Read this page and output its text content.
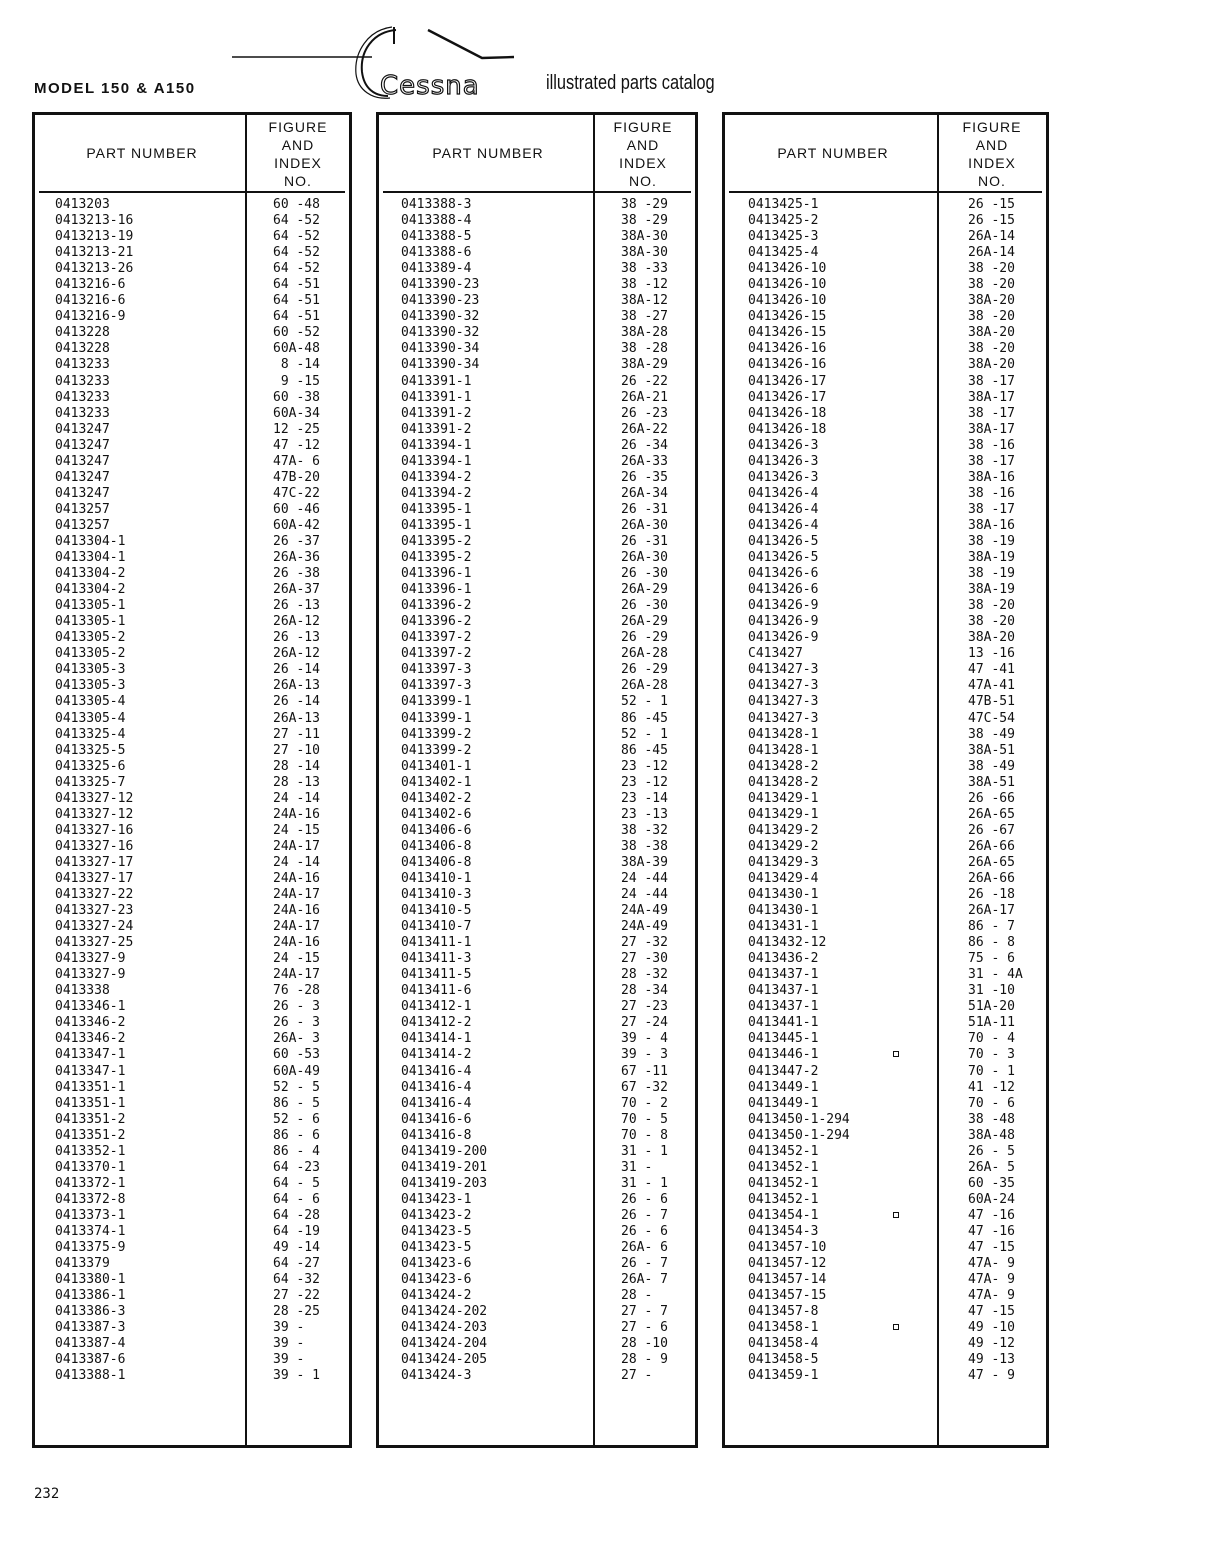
MODEL 150 & A150	Cessna	illustrated parts catalog
PART NUMBER
FIGURE
AND
INDEX
NO.
0413203	60 -48
0413213-16	64 -52
0413213-19	64 -52
0413213-21	64 -52
0413213-26	64 -52
0413216-6	64 -51
0413216-6	64 -51
0413216-9	64 -51
0413228	60 -52
0413228	60A-48
0413233	8 -14
0413233	9 -15
0413233	60 -38
0413233	60A-34
0413247	12 -25
0413247	47 -12
0413247	47A- 6
0413247	47B-20
0413247	47C-22
0413257	60 -46
0413257	60A-42
0413304-1	26 -37
0413304-1	26A-36
0413304-2	26 -38
0413304-2	26A-37
0413305-1	26 -13
0413305-1	26A-12
0413305-2	26 -13
0413305-2	26A-12
0413305-3	26 -14
0413305-3	26A-13
0413305-4	26 -14
0413305-4	26A-13
0413325-4	27 -11
0413325-5	27 -10
0413325-6	28 -14
0413325-7	28 -13
0413327-12	24 -14
0413327-12	24A-16
0413327-16	24 -15
0413327-16	24A-17
0413327-17	24 -14
0413327-17	24A-16
0413327-22	24A-17
0413327-23	24A-16
0413327-24	24A-17
0413327-25	24A-16
0413327-9	24 -15
0413327-9	24A-17
0413338	76 -28
0413346-1	26 - 3
0413346-2	26 - 3
0413346-2	26A- 3
0413347-1	60 -53
0413347-1	60A-49
0413351-1	52 - 5
0413351-1	86 - 5
0413351-2	52 - 6
0413351-2	86 - 6
0413352-1	86 - 4
0413370-1	64 -23
0413372-1	64 - 5
0413372-8	64 - 6
0413373-1	64 -28
0413374-1	64 -19
0413375-9	49 -14
0413379	64 -27
0413380-1	64 -32
0413386-1	27 -22
0413386-3	28 -25
0413387-3	39 -
0413387-4	39 -
0413387-6	39 -
0413388-1	39 - 1
PART NUMBER
FIGURE
AND
INDEX
NO.
0413388-3	38 -29
0413388-4	38 -29
0413388-5	38A-30
0413388-6	38A-30
0413389-4	38 -33
0413390-23	38 -12
0413390-23	38A-12
0413390-32	38 -27
0413390-32	38A-28
0413390-34	38 -28
0413390-34	38A-29
0413391-1	26 -22
0413391-1	26A-21
0413391-2	26 -23
0413391-2	26A-22
0413394-1	26 -34
0413394-1	26A-33
0413394-2	26 -35
0413394-2	26A-34
0413395-1	26 -31
0413395-1	26A-30
0413395-2	26 -31
0413395-2	26A-30
0413396-1	26 -30
0413396-1	26A-29
0413396-2	26 -30
0413396-2	26A-29
0413397-2	26 -29
0413397-2	26A-28
0413397-3	26 -29
0413397-3	26A-28
0413399-1	52 - 1
0413399-1	86 -45
0413399-2	52 - 1
0413399-2	86 -45
0413401-1	23 -12
0413402-1	23 -12
0413402-2	23 -14
0413402-6	23 -13
0413406-6	38 -32
0413406-8	38 -38
0413406-8	38A-39
0413410-1	24 -44
0413410-3	24 -44
0413410-5	24A-49
0413410-7	24A-49
0413411-1	27 -32
0413411-3	27 -30
0413411-5	28 -32
0413411-6	28 -34
0413412-1	27 -23
0413412-2	27 -24
0413414-1	39 - 4
0413414-2	39 - 3
0413416-4	67 -11
0413416-4	67 -32
0413416-4	70 - 2
0413416-6	70 - 5
0413416-8	70 - 8
0413419-200	31 - 1
0413419-201	31 -
0413419-203	31 - 1
0413423-1	26 - 6
0413423-2	26 - 7
0413423-5	26 - 6
0413423-5	26A- 6
0413423-6	26 - 7
0413423-6	26A- 7
0413424-2	28 -
0413424-202	27 - 7
0413424-203	27 - 6
0413424-204	28 -10
0413424-205	28 - 9
0413424-3	27 -
PART NUMBER
FIGURE
AND
INDEX
NO.
0413425-1	26 -15
0413425-2	26 -15
0413425-3	26A-14
0413425-4	26A-14
0413426-10	38 -20
0413426-10	38 -20
0413426-10	38A-20
0413426-15	38 -20
0413426-15	38A-20
0413426-16	38 -20
0413426-16	38A-20
0413426-17	38 -17
0413426-17	38A-17
0413426-18	38 -17
0413426-18	38A-17
0413426-3	38 -16
0413426-3	38 -17
0413426-3	38A-16
0413426-4	38 -16
0413426-4	38 -17
0413426-4	38A-16
0413426-5	38 -19
0413426-5	38A-19
0413426-6	38 -19
0413426-6	38A-19
0413426-9	38 -20
0413426-9	38 -20
0413426-9	38A-20
C413427	13 -16
0413427-3	47 -41
0413427-3	47A-41
0413427-3	47B-51
0413427-3	47C-54
0413428-1	38 -49
0413428-1	38A-51
0413428-2	38 -49
0413428-2	38A-51
0413429-1	26 -66
0413429-1	26A-65
0413429-2	26 -67
0413429-2	26A-66
0413429-3	26A-65
0413429-4	26A-66
0413430-1	26 -18
0413430-1	26A-17
0413431-1	86 - 7
0413432-12	86 - 8
0413436-2	75 - 6
0413437-1	31 - 4A
0413437-1	31 -10
0413437-1	51A-20
0413441-1	51A-11
0413445-1	70 - 4
0413446-1	70 - 3
0413447-2	70 - 1
0413449-1	41 -12
0413449-1	70 - 6
0413450-1-294	38 -48
0413450-1-294	38A-48
0413452-1	26 - 5
0413452-1	26A- 5
0413452-1	60 -35
0413452-1	60A-24
0413454-1	47 -16
0413454-3	47 -16
0413457-10	47 -15
0413457-12	47A- 9
0413457-14	47A- 9
0413457-15	47A- 9
0413457-8	47 -15
0413458-1	49 -10
0413458-4	49 -12
0413458-5	49 -13
0413459-1	47 - 9
232
